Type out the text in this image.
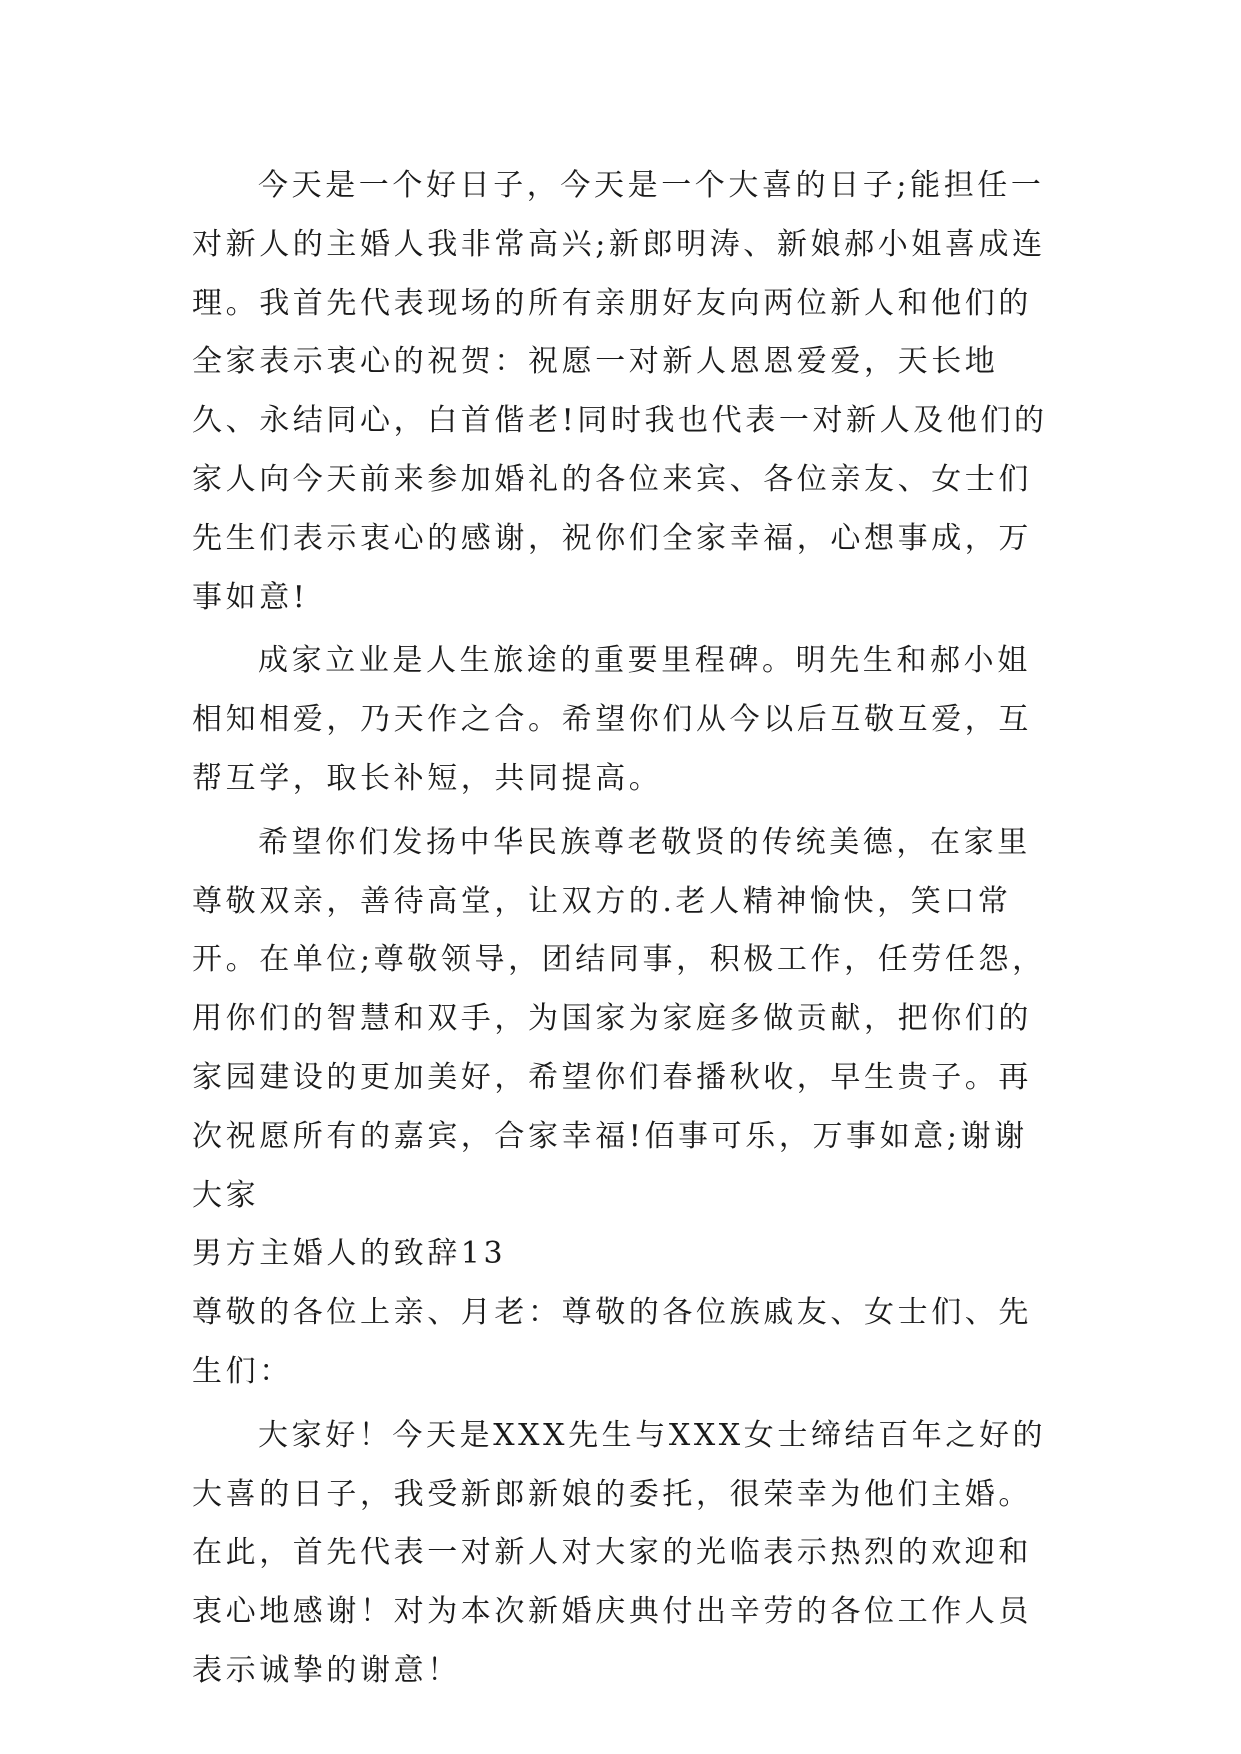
今天是一个好日子，今天是一个大喜的日子;能担任一对新人的主婚人我非常高兴;新郎明涛、新娘郝小姐喜成连理。我首先代表现场的所有亲朋好友向两位新人和他们的全家表示衷心的祝贺：祝愿一对新人恩恩爱爱，天长地久、永结同心，白首偕老!同时我也代表一对新人及他们的家人向今天前来参加婚礼的各位来宾、各位亲友、女士们先生们表示衷心的感谢，祝你们全家幸福，心想事成，万事如意!

成家立业是人生旅途的重要里程碑。明先生和郝小姐相知相爱，乃天作之合。希望你们从今以后互敬互爱，互帮互学，取长补短，共同提高。

希望你们发扬中华民族尊老敬贤的传统美德，在家里尊敬双亲，善待高堂，让双方的.老人精神愉快，笑口常开。在单位;尊敬领导，团结同事，积极工作，任劳任怨，用你们的智慧和双手，为国家为家庭多做贡献，把你们的家园建设的更加美好，希望你们春播秋收，早生贵子。再次祝愿所有的嘉宾，合家幸福!佰事可乐，万事如意;谢谢大家

男方主婚人的致辞13

尊敬的各位上亲、月老：尊敬的各位族戚友、女士们、先生们：

大家好！今天是XXX先生与XXX女士缔结百年之好的大喜的日子，我受新郎新娘的委托，很荣幸为他们主婚。在此，首先代表一对新人对大家的光临表示热烈的欢迎和衷心地感谢！对为本次新婚庆典付出辛劳的各位工作人员表示诚挚的谢意！
